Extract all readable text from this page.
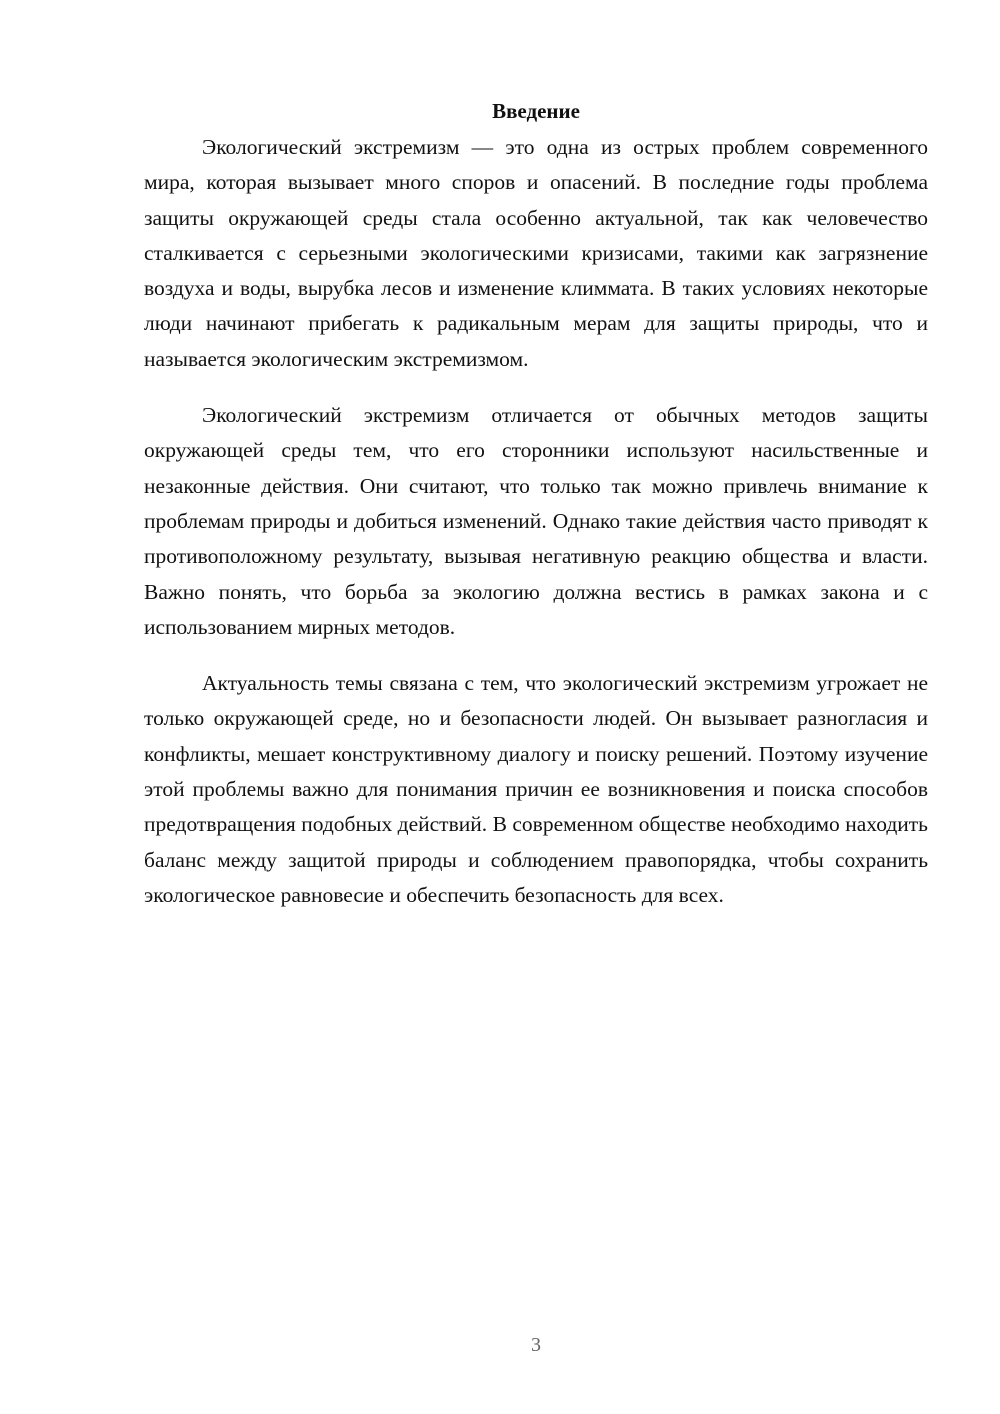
Введение

Экологический экстремизм — это одна из острых проблем современного мира, которая вызывает много споров и опасений. В последние годы проблема защиты окружающей среды стала особенно актуальной, так как человечество сталкивается с серьезными экологическими кризисами, такими как загрязнение воздуха и воды, вырубка лесов и изменение климмата. В таких условиях некоторые люди начинают прибегать к радикальным мерам для защиты природы, что и называется экологическим экстремизмом.

Экологический экстремизм отличается от обычных методов защиты окружающей среды тем, что его сторонники используют насильственные и незаконные действия. Они считают, что только так можно привлечь внимание к проблемам природы и добиться изменений. Однако такие действия часто приводят к противоположному результату, вызывая негативную реакцию общества и власти. Важно понять, что борьба за экологию должна вестись в рамках закона и с использованием мирных методов.

Актуальность темы связана с тем, что экологический экстремизм угрожает не только окружающей среде, но и безопасности людей. Он вызывает разногласия и конфликты, мешает конструктивному диалогу и поиску решений. Поэтому изучение этой проблемы важно для понимания причин ее возникновения и поиска способов предотвращения подобных действий. В современном обществе необходимо находить баланс между защитой природы и соблюдением правопорядка, чтобы сохранить экологическое равновесие и обеспечить безопасность для всех.

3
